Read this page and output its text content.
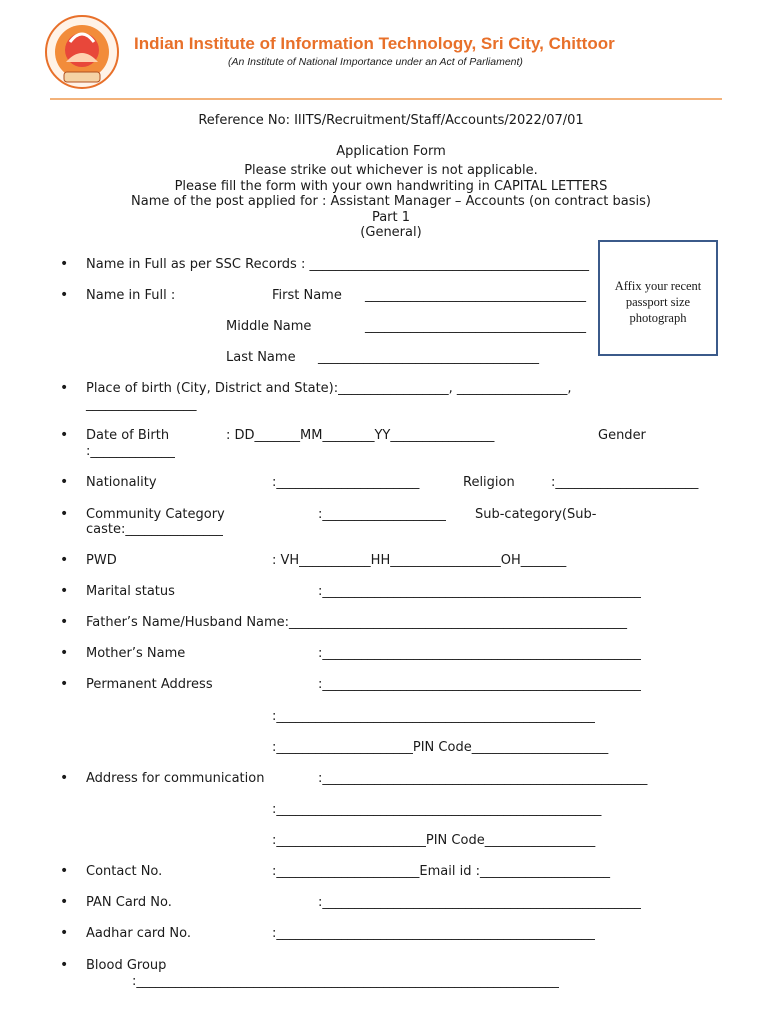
Indian Institute of Information Technology, Sri City, Chittoor
(An Institute of National Importance under an Act of Parliament)
Reference No: IIITS/Recruitment/Staff/Accounts/2022/07/01
Application Form
Please strike out whichever is not applicable.
Please fill the form with your own handwriting in CAPITAL LETTERS
Name of the post applied for : Assistant Manager – Accounts (on contract basis)
Part 1
(General)
Affix your recent passport size photograph
• Name in Full as per SSC Records : ___________________________________________
• Name in Full :	First Name __________________________________
Middle Name	__________________________________
Last Name __________________________________
• Place of birth (City, District and State):_________________, _________________,
_________________
• Date of Birth	: DD_______MM________YY________________	Gender
:_____________
• Nationality	:______________________	Religion	:______________________
• Community Category	:___________________ Sub-category(Sub-
caste:_______________
• PWD	: VH___________HH_________________OH_______
• Marital status	:_________________________________________________
• Father’s Name/Husband Name:____________________________________________________
• Mother’s Name	:_________________________________________________
• Permanent Address	:_________________________________________________
:_________________________________________________
:_____________________PIN Code_____________________
• Address for communication	:__________________________________________________
:__________________________________________________
:_______________________PIN Code_________________
• Contact No.	:______________________Email id :____________________
• PAN Card No.	:_________________________________________________
• Aadhar card No.	:_________________________________________________
• Blood Group
:_________________________________________________________________
